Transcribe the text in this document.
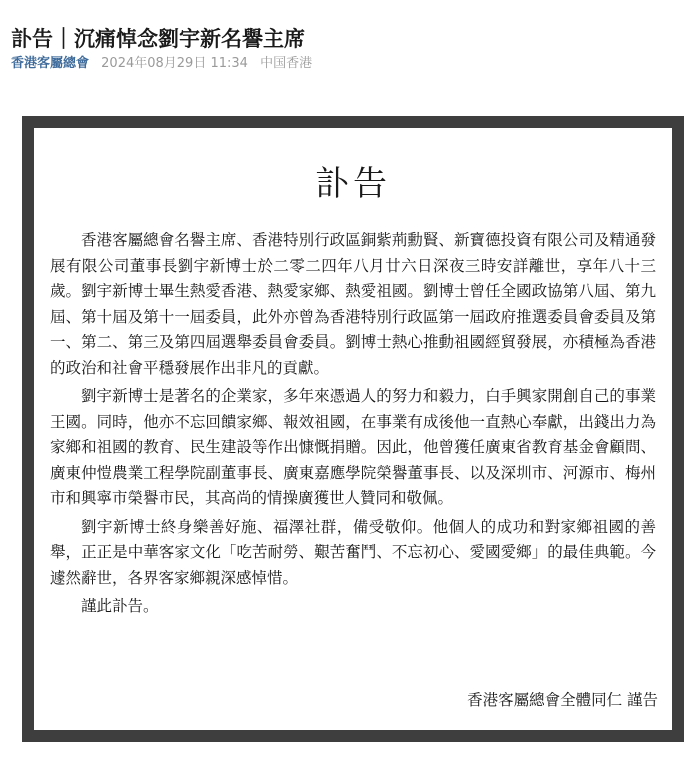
訃告｜沉痛悼念劉宇新名譽主席
香港客屬總會 2024年08月29日 11:34 中国香港
訃告

香港客屬總會名譽主席、香港特別行政區銅紫荊勳賢、新寶德投資有限公司及精通發展有限公司董事長劉宇新博士於二零二四年八月廿六日深夜三時安詳離世，享年八十三歲。劉宇新博士畢生熱愛香港、熱愛家鄉、熱愛祖國。劉博士曾任全國政協第八屆、第九屆、第十屆及第十一屆委員，此外亦曾為香港特別行政區第一屆政府推選委員會委員及第一、第二、第三及第四屆選舉委員會委員。劉博士熱心推動祖國經貿發展，亦積極為香港的政治和社會平穩發展作出非凡的貢獻。

劉宇新博士是著名的企業家，多年來憑過人的努力和毅力，白手興家開創自己的事業王國。同時，他亦不忘回饋家鄉、報效祖國，在事業有成後他一直熱心奉獻，出錢出力為家鄉和祖國的教育、民生建設等作出慷慨捐贈。因此，他曾獲任廣東省教育基金會顧問、廣東仲愷農業工程學院副董事長、廣東嘉應學院榮譽董事長、以及深圳市、河源市、梅州市和興寧市榮譽市民，其高尚的情操廣獲世人贊同和敬佩。

劉宇新博士終身樂善好施、福澤社群，備受敬仰。他個人的成功和對家鄉祖國的善舉，正正是中華客家文化「吃苦耐勞、艱苦奮鬥、不忘初心、愛國愛鄉」的最佳典範。今遽然辭世，各界客家鄉親深感悼惜。

謹此訃告。

香港客屬總會全體同仁 謹告
